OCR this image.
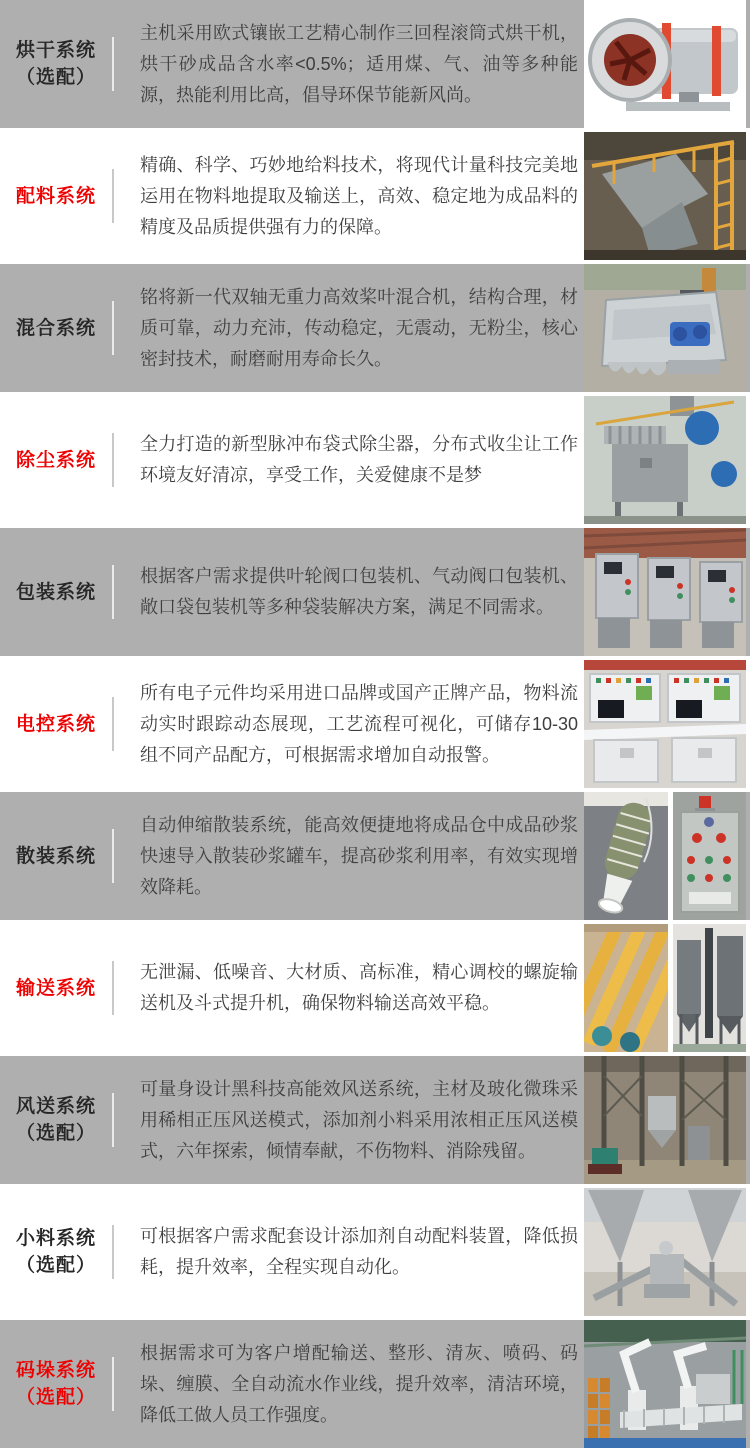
烘干系统
（选配）
主机采用欧式镶嵌工艺精心制作三回程滚筒式烘干机，烘干砂成品含水率<0.5%；适用煤、气、油等多种能源，热能利用比高，倡导环保节能新风尚。
配料系统
精确、科学、巧妙地给料技术，将现代计量科技完美地运用在物料地提取及输送上，高效、稳定地为成品料的精度及品质提供强有力的保障。
混合系统
铭将新一代双轴无重力高效桨叶混合机，结构合理，材质可靠，动力充沛，传动稳定，无震动，无粉尘，核心密封技术，耐磨耐用寿命长久。
除尘系统
全力打造的新型脉冲布袋式除尘器，分布式收尘让工作环境友好清凉，享受工作，关爱健康不是梦
包装系统
根据客户需求提供叶轮阀口包装机、气动阀口包装机、敞口袋包装机等多种袋装解决方案，满足不同需求。
电控系统
所有电子元件均采用进口品牌或国产正牌产品，物料流动实时跟踪动态展现，工艺流程可视化，可储存10-30组不同产品配方，可根据需求增加自动报警。
散装系统
自动伸缩散装系统，能高效便捷地将成品仓中成品砂浆快速导入散装砂浆罐车，提高砂浆利用率，有效实现增效降耗。
输送系统
无泄漏、低噪音、大材质、高标准，精心调校的螺旋输送机及斗式提升机，确保物料输送高效平稳。
风送系统
（选配）
可量身设计黑科技高能效风送系统，主材及玻化微珠采用稀相正压风送模式，添加剂小料采用浓相正压风送模式，六年探索，倾情奉献，不伤物料、消除残留。
小料系统
（选配）
可根据客户需求配套设计添加剂自动配料装置，降低损耗，提升效率，全程实现自动化。
码垛系统
（选配）
根据需求可为客户增配输送、整形、清灰、喷码、码垛、缠膜、全自动流水作业线，提升效率，清洁环境，降低工做人员工作强度。
